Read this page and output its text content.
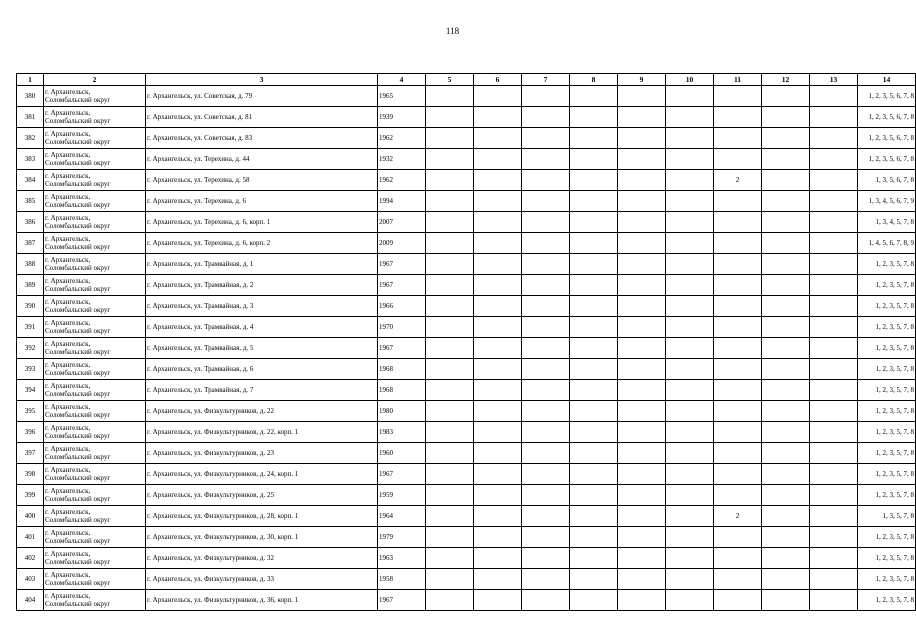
118
1	2	3	4	5	6	7	8	9	10	11	12	13	14
380	г. Архангельск,
Соломбальский округ	г. Архангельск, ул. Советская, д. 79	1965										1, 2, 3, 5, 6, 7, 8
381	г. Архангельск,
Соломбальский округ	г. Архангельск, ул. Советская, д. 81	1939										1, 2, 3, 5, 6, 7, 8
382	г. Архангельск,
Соломбальский округ	г. Архангельск, ул. Советская, д. 83	1962										1, 2, 3, 5, 6, 7, 8
383	г. Архангельск,
Соломбальский округ	г. Архангельск, ул. Терехина, д. 44	1932										1, 2, 3, 5, 6, 7, 8
384	г. Архангельск,
Соломбальский округ	г. Архангельск, ул. Терехина, д. 58	1962							2			1, 3, 5, 6, 7, 8
385	г. Архангельск,
Соломбальский округ	г. Архангельск, ул. Терехина, д. 6	1994										1, 3, 4, 5, 6, 7, 9
386	г. Архангельск,
Соломбальский округ	г. Архангельск, ул. Терехина, д. 6, корп. 1	2007										1, 3, 4, 5, 7, 8
387	г. Архангельск,
Соломбальский округ	г. Архангельск, ул. Терехина, д. 6, корп. 2	2009										1, 4, 5, 6, 7, 8, 9
388	г. Архангельск,
Соломбальский округ	г. Архангельск, ул. Трамвайная, д. 1	1967										1, 2, 3, 5, 7, 8
389	г. Архангельск,
Соломбальский округ	г. Архангельск, ул. Трамвайная, д. 2	1967										1, 2, 3, 5, 7, 8
390	г. Архангельск,
Соломбальский округ	г. Архангельск, ул. Трамвайная, д. 3	1966										1, 2, 3, 5, 7, 8
391	г. Архангельск,
Соломбальский округ	г. Архангельск, ул. Трамвайная, д. 4	1970										1, 2, 3, 5, 7, 8
392	г. Архангельск,
Соломбальский округ	г. Архангельск, ул. Трамвайная, д. 5	1967										1, 2, 3, 5, 7, 8
393	г. Архангельск,
Соломбальский округ	г. Архангельск, ул. Трамвайная, д. 6	1968										1, 2, 3, 5, 7, 8
394	г. Архангельск,
Соломбальский округ	г. Архангельск, ул. Трамвайная, д. 7	1968										1, 2, 3, 5, 7, 8
395	г. Архангельск,
Соломбальский округ	г. Архангельск, ул. Физкультурников, д. 22	1980										1, 2, 3, 5, 7, 8
396	г. Архангельск,
Соломбальский округ	г. Архангельск, ул. Физкультурников, д. 22, корп. 1	1983										1, 2, 3, 5, 7, 8
397	г. Архангельск,
Соломбальский округ	г. Архангельск, ул. Физкультурников, д. 23	1960										1, 2, 3, 5, 7, 8
398	г. Архангельск,
Соломбальский округ	г. Архангельск, ул. Физкультурников, д. 24, корп. 1	1967										1, 2, 3, 5, 7, 8
399	г. Архангельск,
Соломбальский округ	г. Архангельск, ул. Физкультурников, д. 25	1959										1, 2, 3, 5, 7, 8
400	г. Архангельск,
Соломбальский округ	г. Архангельск, ул. Физкультурников, д. 28, корп. 1	1964							2			1, 3, 5, 7, 8
401	г. Архангельск,
Соломбальский округ	г. Архангельск, ул. Физкультурников, д. 30, корп. 1	1979										1, 2, 3, 5, 7, 8
402	г. Архангельск,
Соломбальский округ	г. Архангельск, ул. Физкультурников, д. 32	1963										1, 2, 3, 5, 7, 8
403	г. Архангельск,
Соломбальский округ	г. Архангельск, ул. Физкультурников, д. 33	1958										1, 2, 3, 5, 7, 8
404	г. Архангельск,
Соломбальский округ	г. Архангельск, ул. Физкультурников, д. 36, корп. 1	1967										1, 2, 3, 5, 7, 8
